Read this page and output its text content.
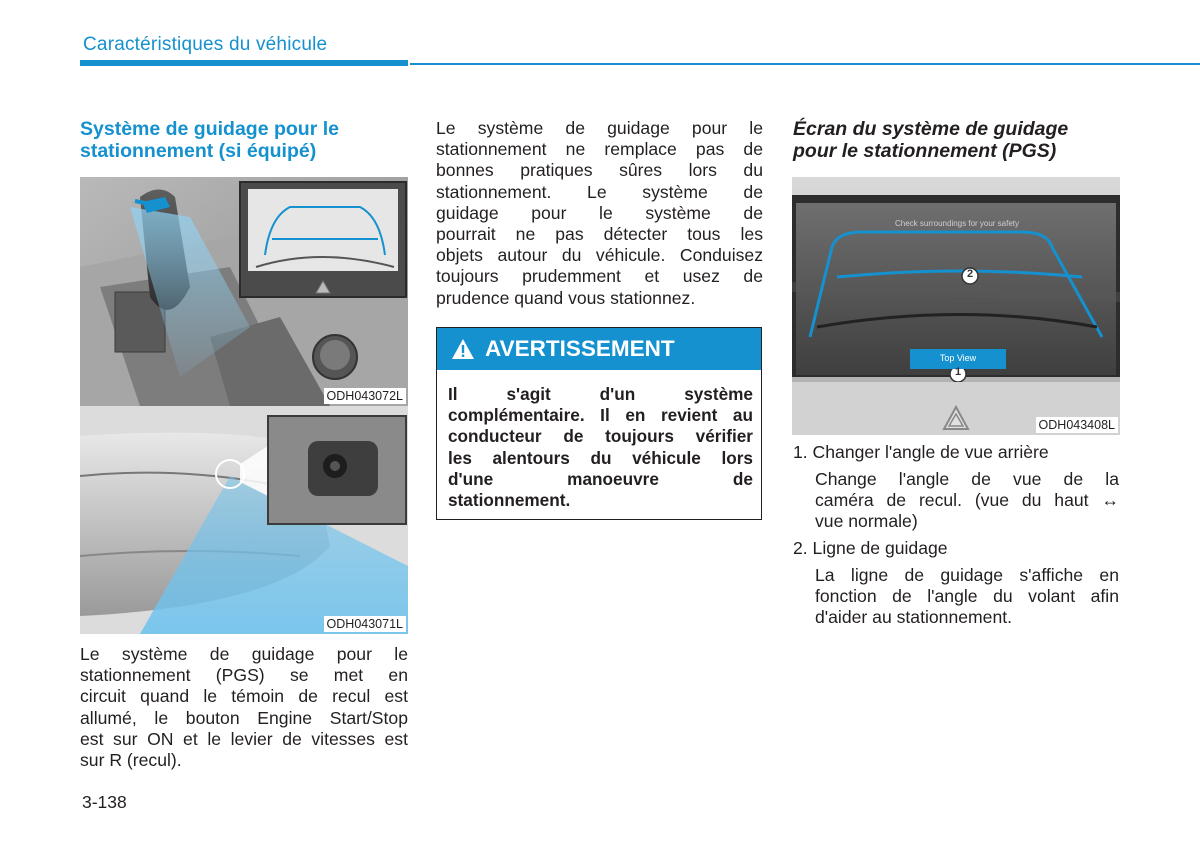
Caractéristiques du véhicule
Système de guidage pour le
stationnement (si équipé)
ODH043072L
ODH043071L
Le système de guidage pour le
stationnement (PGS) se met en
circuit quand le témoin de recul est
allumé, le bouton Engine Start/Stop
est sur ON et le levier de vitesses est
sur R (recul).
Le système de guidage pour le
stationnement ne remplace pas de
bonnes pratiques sûres lors du
stationnement. Le système de
guidage pour le système de
pourrait ne pas détecter tous les
objets autour du véhicule. Conduisez
toujours prudemment et usez de
prudence quand vous stationnez.
AVERTISSEMENT
Il s'agit d'un système
complémentaire. Il en revient au
conducteur de toujours vérifier
les alentours du véhicule lors
d'une manoeuvre de
stationnement.
Écran du système de guidage
pour le stationnement (PGS)
Check surroundings for your safety
Top View
2
1
ODH043408L
1. Changer l'angle de vue arrière
Change l'angle de vue de la
caméra de recul. (vue du haut ↔
vue normale)
2. Ligne de guidage
La ligne de guidage s'affiche en
fonction de l'angle du volant afin
d'aider au stationnement.
3-138
